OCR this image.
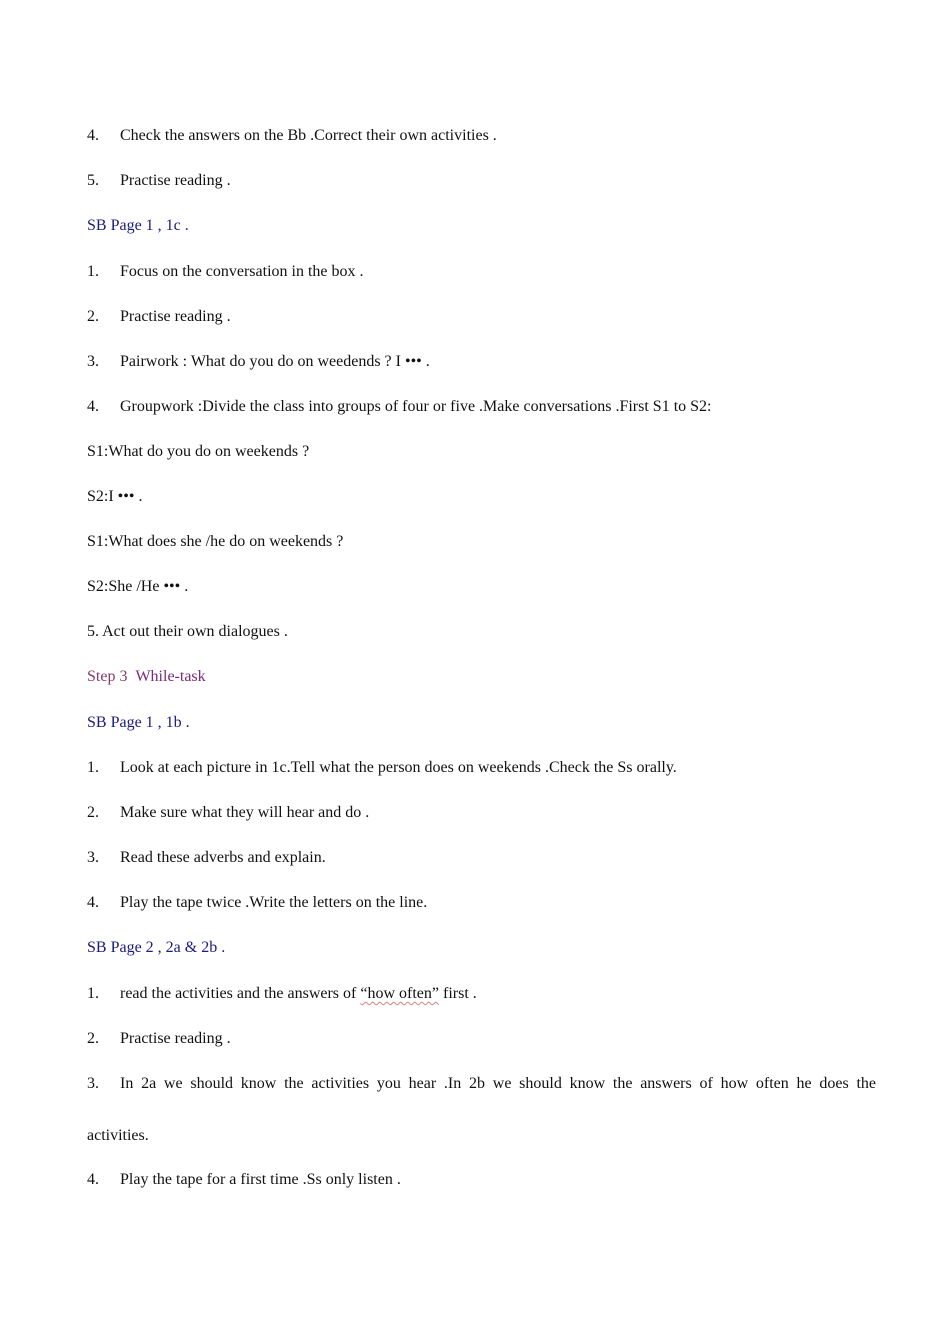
4. Check the answers on the Bb .Correct their own activities .
5. Practise reading .
SB Page 1 , 1c .
1. Focus on the conversation in the box .
2. Practise reading .
3. Pairwork : What do you do on weedends ? I ••• .
4. Groupwork :Divide the class into groups of four or five .Make conversations .First S1 to S2:
S1:What do you do on weekends ?
S2:I ••• .
S1:What does she /he do on weekends ?
S2:She /He ••• .
5. Act out their own dialogues .
Step 3 While-task
SB Page 1 , 1b .
1. Look at each picture in 1c.Tell what the person does on weekends .Check the Ss orally.
2. Make sure what they will hear and do .
3. Read these adverbs and explain.
4. Play the tape twice .Write the letters on the line.
SB Page 2 , 2a & 2b .
1. read the activities and the answers of “how often” first .
2. Practise reading .
3.	In 2a we should know the activities you hear .In 2b we should know the answers of how often he does the
activities.
4. Play the tape for a first time .Ss only listen .
